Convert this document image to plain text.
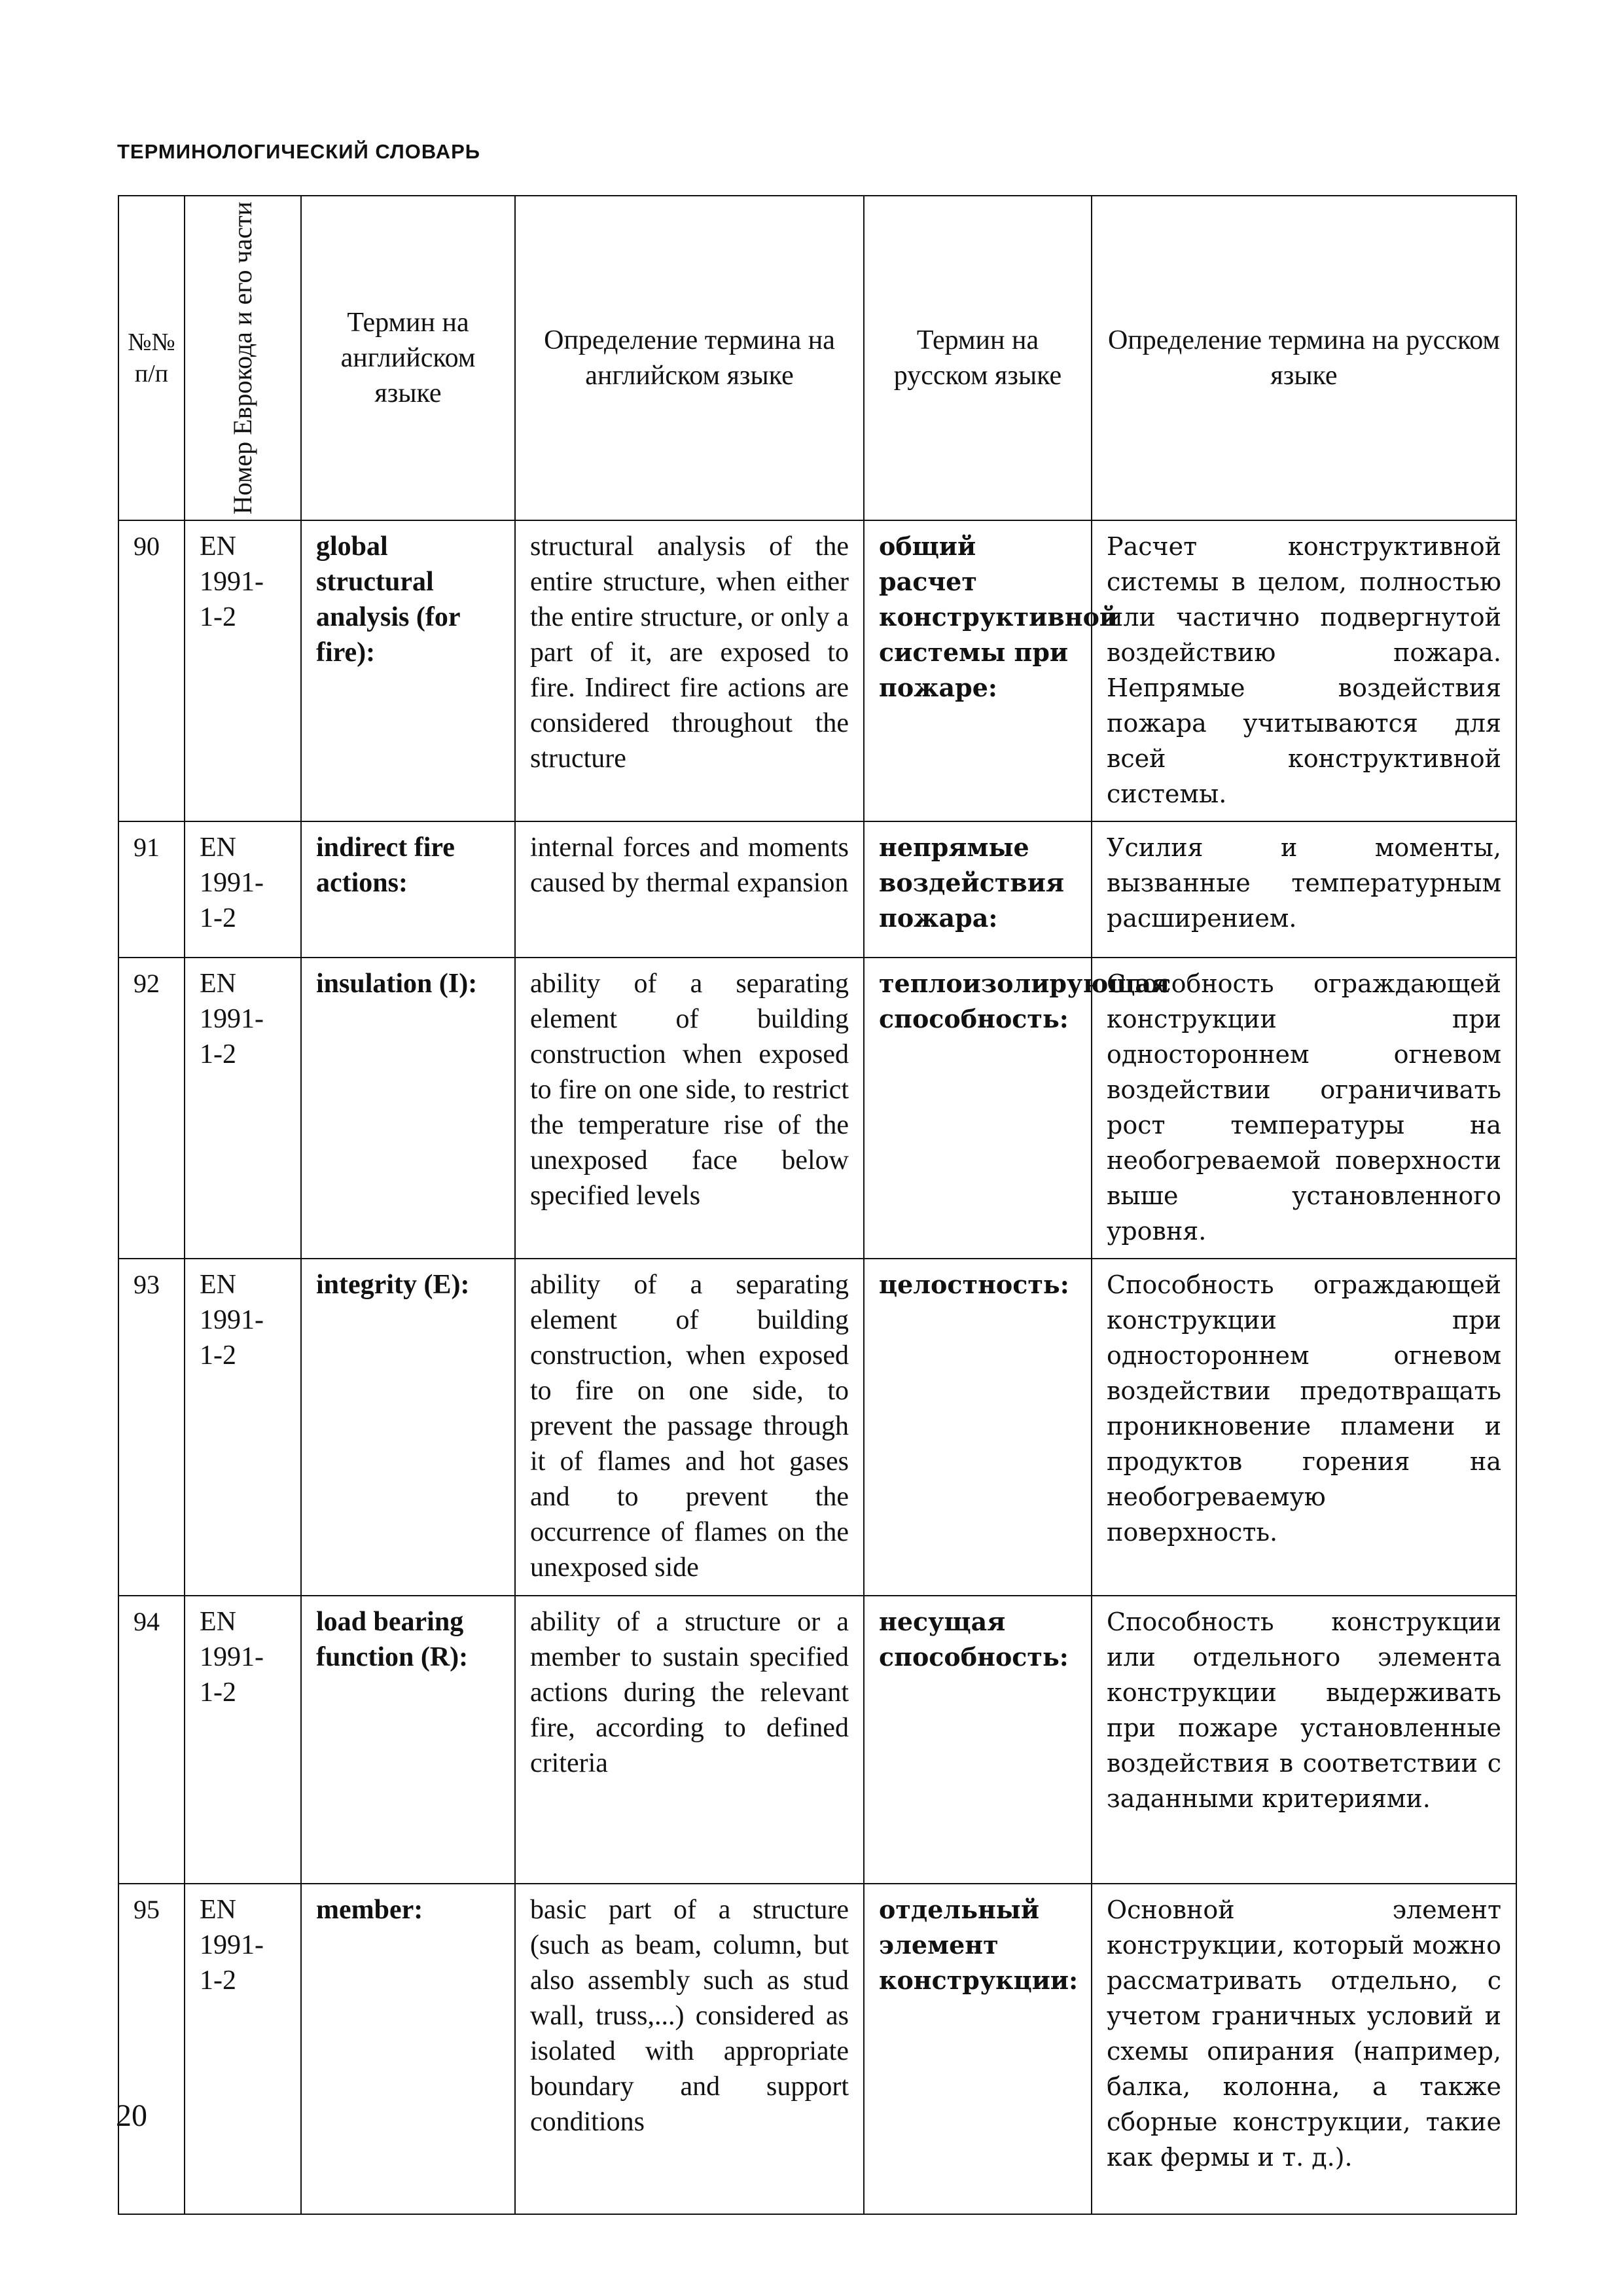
ТЕРМИНОЛОГИЧЕСКИЙ СЛОВАРЬ
№№ п/п	Номер Еврокода и его части	Термин на английском языке	Определение термина на английском языке	Термин на русском языке	Определение термина на русском языке
90	EN 1991-1-2	global structural analysis (for fire):	structural analysis of the entire structure, when either the entire structure, or only a part of it, are exposed to fire. Indirect fire actions are considered throughout the structure	общий расчет конструктивной системы при пожаре:	Расчет конструктивной системы в целом, полностью или частично подвергнутой воздействию пожара. Непрямые воздействия пожара учитываются для всей конструктивной системы.
91	EN 1991-1-2	indirect fire actions:	internal forces and moments caused by thermal expansion	непрямые воздействия пожара:	Усилия и моменты, вызванные температурным расширением.
92	EN 1991-1-2	insulation (I):	ability of a separating element of building construction when exposed to fire on one side, to restrict the temperature rise of the unexposed face below specified levels	теплоизолирующая способность:	Способность ограждающей конструкции при одностороннем огневом воздействии ограничивать рост температуры на необогреваемой поверхности выше установленного уровня.
93	EN 1991-1-2	integrity (E):	ability of a separating element of building construction, when exposed to fire on one side, to prevent the passage through it of flames and hot gases and to prevent the occurrence of flames on the unexposed side	целостность:	Способность ограждающей конструкции при одностороннем огневом воздействии предотвращать проникновение пламени и продуктов горения на необогреваемую поверхность.
94	EN 1991-1-2	load bearing function (R):	ability of a structure or a member to sustain specified actions during the relevant fire, according to defined criteria	несущая способность:	Способность конструкции или отдельного элемента конструкции выдерживать при пожаре установленные воздействия в соответствии с заданными критериями.
95	EN 1991-1-2	member:	basic part of a structure (such as beam, column, but also assembly such as stud wall, truss,...) considered as isolated with appropriate boundary and support conditions	отдельный элемент конструкции:	Основной элемент конструкции, который можно рассматривать отдельно, с учетом граничных условий и схемы опирания (например, балка, колонна, а также сборные конструкции, такие как фермы и т. д.).
20
